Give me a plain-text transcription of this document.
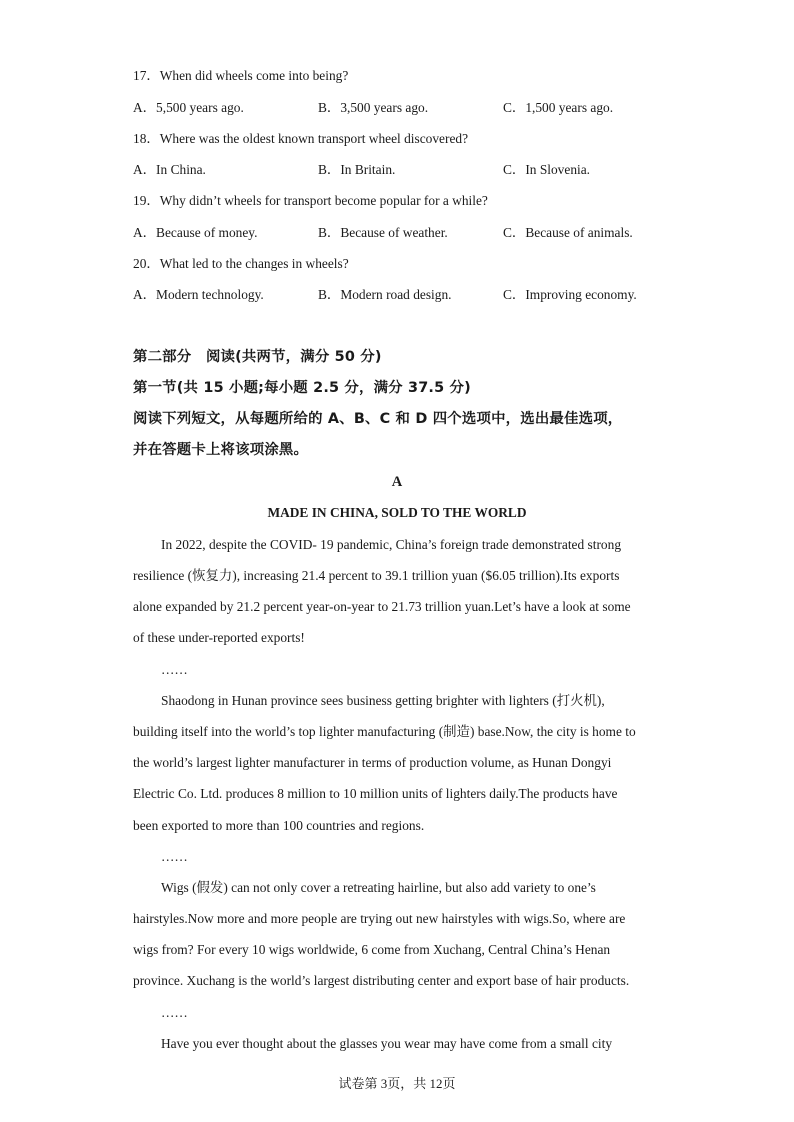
17．When did wheels come into being?
A．5,500 years ago.	B．3,500 years ago.	C．1,500 years ago.
18．Where was the oldest known transport wheel discovered?
A．In China.	B．In Britain.	C．In Slovenia.
19．Why didn’t wheels for transport become popular for a while?
A．Because of money.	B．Because of weather.	C．Because of animals.
20．What led to the changes in wheels?
A．Modern technology.	B．Modern road design.	C．Improving economy.
第二部分　阅读(共两节，满分 50 分)
第一节(共 15 小题;每小题 2.5 分，满分 37.5 分)
阅读下列短文，从每题所给的 A、B、C 和 D 四个选项中，选出最佳选项，
并在答题卡上将该项涂黑。
A
MADE IN CHINA, SOLD TO THE WORLD
In 2022, despite the COVID- 19 pandemic, China’s foreign trade demonstrated strong
resilience (恢复力), increasing 21.4 percent to 39.1 trillion yuan ($6.05 trillion).Its exports
alone expanded by 21.2 percent year-on-year to 21.73 trillion yuan.Let’s have a look at some
of these under-reported exports!
……
Shaodong in Hunan province sees business getting brighter with lighters (打火机),
building itself into the world’s top lighter manufacturing (制造) base.Now, the city is home to
the world’s largest lighter manufacturer in terms of production volume, as Hunan Dongyi
Electric Co. Ltd. produces 8 million to 10 million units of lighters daily.The products have
been exported to more than 100 countries and regions.
……
Wigs (假发) can not only cover a retreating hairline, but also add variety to one’s
hairstyles.Now more and more people are trying out new hairstyles with wigs.So, where are
wigs from? For every 10 wigs worldwide, 6 come from Xuchang, Central China’s Henan
province. Xuchang is the world’s largest distributing center and export base of hair products.
……
Have you ever thought about the glasses you wear may have come from a small city
试卷第 3页，共 12页
